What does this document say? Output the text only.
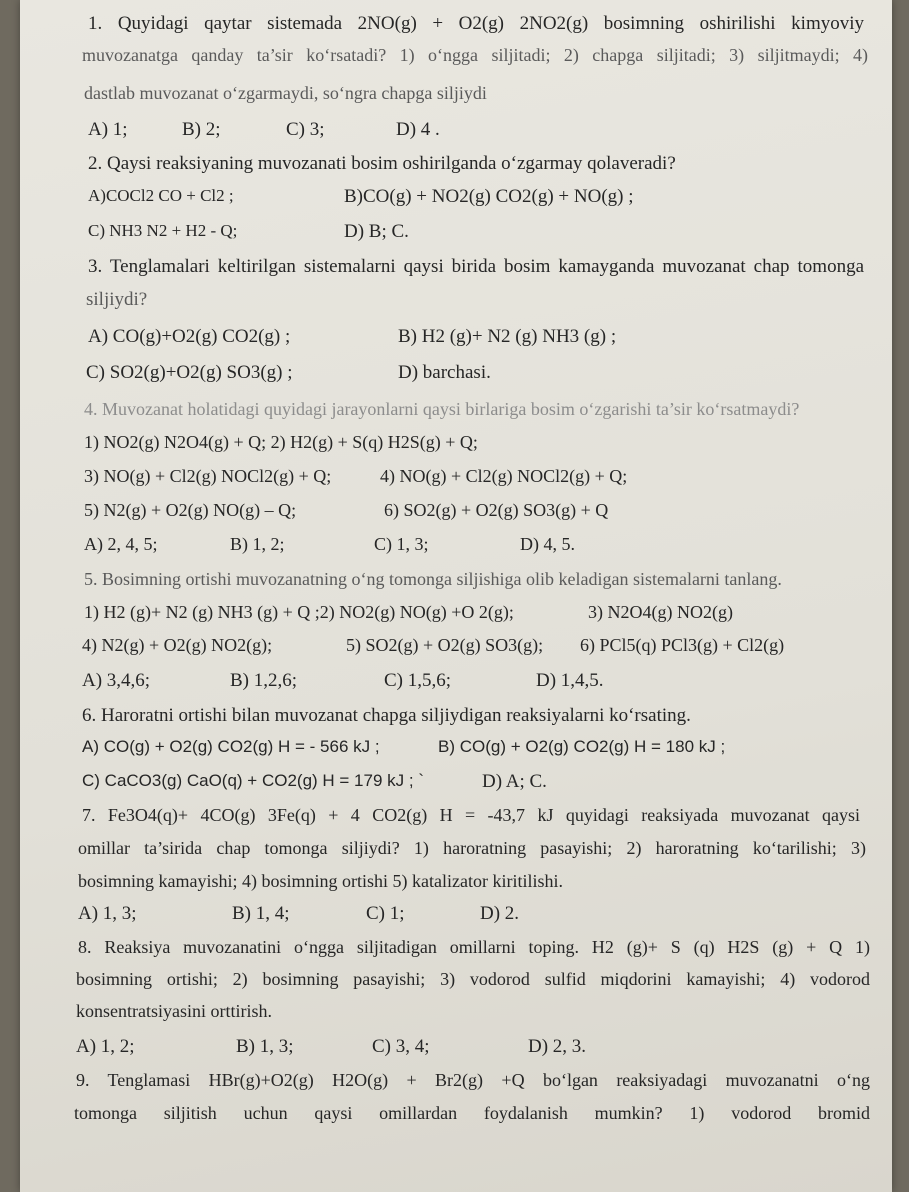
1. Quyidagi qaytar sistemada 2NO(g) + O2(g) 2NO2(g) bosimning oshirilishi kimyoviy
muvozanatga qanday ta’sir ko‘rsatadi? 1) o‘ngga siljitadi; 2) chapga siljitadi; 3) siljitmaydi; 4)
dastlab muvozanat o‘zgarmaydi, so‘ngra chapga siljiydi
A) 1;	B) 2;	C) 3;	D) 4 .
2. Qaysi reaksiyaning muvozanati bosim oshirilganda o‘zgarmay qolaveradi?
A)COCl2 CO + Cl2 ;	B)CO(g) + NO2(g) CO2(g) + NO(g) ;
C) NH3 N2 + H2 - Q;	D) B; C.
3. Tenglamalari keltirilgan sistemalarni qaysi birida bosim kamayganda muvozanat chap tomonga
siljiydi?
A) CO(g)+O2(g) CO2(g) ;	B) H2 (g)+ N2 (g) NH3 (g) ;
C) SO2(g)+O2(g) SO3(g) ;	D) barchasi.
4. Muvozanat holatidagi quyidagi jarayonlarni qaysi birlariga bosim o‘zgarishi ta’sir ko‘rsatmaydi?
1) NO2(g) N2O4(g) + Q; 2) H2(g) + S(q) H2S(g) + Q;
3) NO(g) + Cl2(g) NOCl2(g) + Q;	4) NO(g) + Cl2(g) NOCl2(g) + Q;
5) N2(g) + O2(g) NO(g) – Q;	6) SO2(g) + O2(g) SO3(g) + Q
A) 2, 4, 5;	B) 1, 2;	C) 1, 3;	D) 4, 5.
5. Bosimning ortishi muvozanatning o‘ng tomonga siljishiga olib keladigan sistemalarni tanlang.
1) H2 (g)+ N2 (g) NH3 (g) + Q ;2) NO2(g) NO(g) +O 2(g);	3) N2O4(g) NO2(g)
4) N2(g) + O2(g) NO2(g);	5) SO2(g) + O2(g) SO3(g); 6) PCl5(q) PCl3(g) + Cl2(g)
A) 3,4,6;	B) 1,2,6;	C) 1,5,6;	D) 1,4,5.
6. Haroratni ortishi bilan muvozanat chapga siljiydigan reaksiyalarni ko‘rsating.
A) CO(g) + O2(g) CO2(g) H = - 566 kJ ;	B) CO(g) + O2(g) CO2(g) H = 180 kJ ;
C) CaCO3(g) CaO(q) + CO2(g) H = 179 kJ ; `	D) A; C.
7. Fe3O4(q)+ 4CO(g) 3Fe(q) + 4 CO2(g) H = -43,7 kJ quyidagi reaksiyada muvozanat qaysi
omillar ta’sirida chap tomonga siljiydi? 1) haroratning pasayishi; 2) haroratning ko‘tarilishi; 3)
bosimning kamayishi; 4) bosimning ortishi 5) katalizator kiritilishi.
A) 1, 3;	B) 1, 4;	C) 1;	D) 2.
8. Reaksiya muvozanatini o‘ngga siljitadigan omillarni toping. H2 (g)+ S (q) H2S (g) + Q 1)
bosimning ortishi; 2) bosimning pasayishi; 3) vodorod sulfid miqdorini kamayishi; 4) vodorod
konsentratsiyasini orttirish.
A) 1, 2;	B) 1, 3;	C) 3, 4;	D) 2, 3.
9. Tenglamasi HBr(g)+O2(g) H2O(g) + Br2(g) +Q bo‘lgan reaksiyadagi muvozanatni o‘ng
tomonga siljitish uchun qaysi omillardan foydalanish mumkin? 1) vodorod bromid
